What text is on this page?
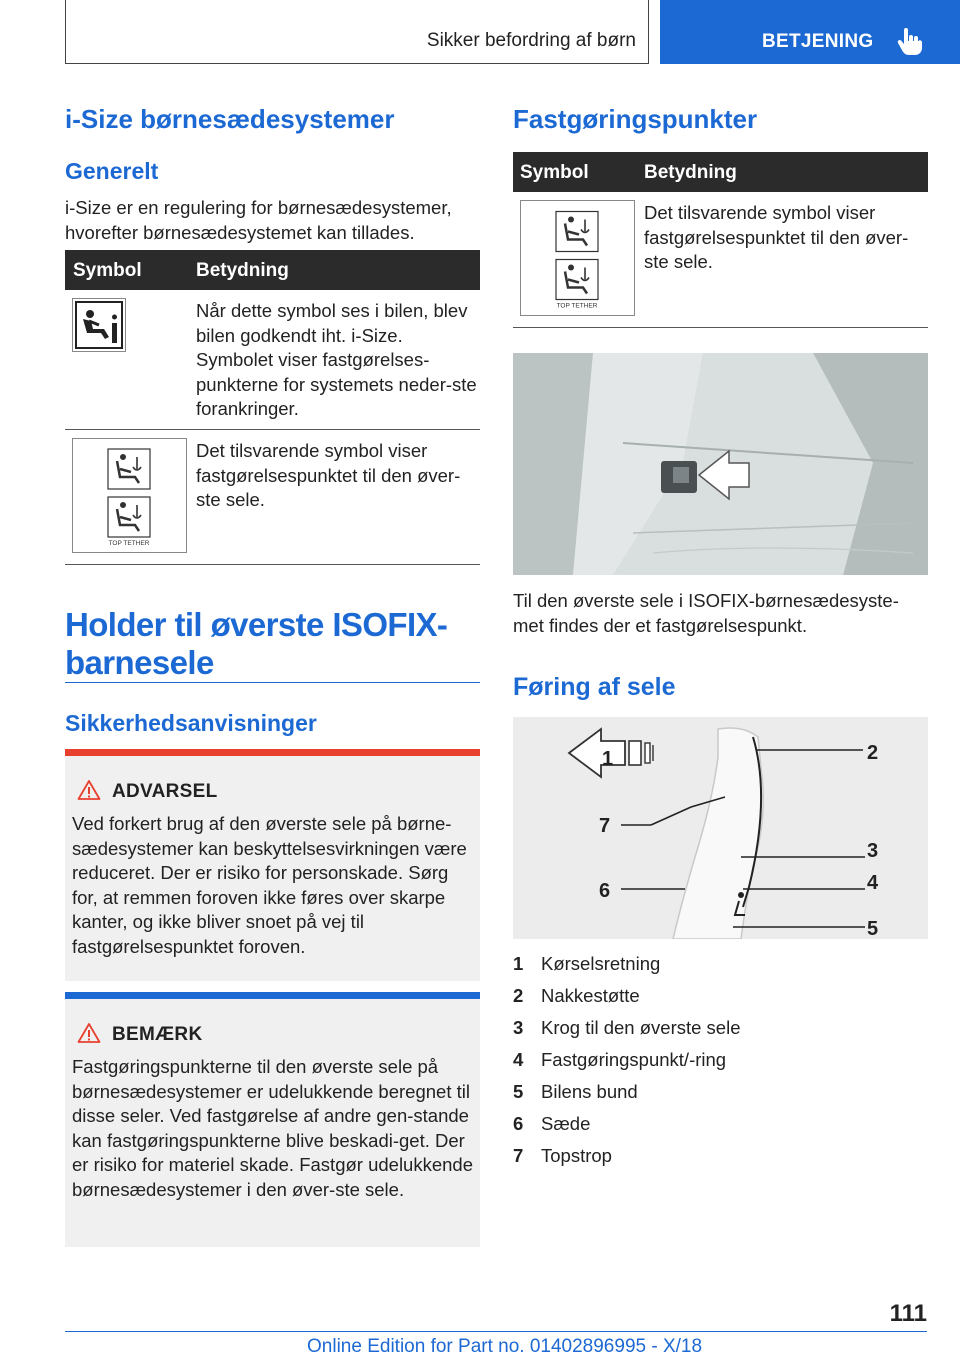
Sikker befordring af børn	BETJENING
i-Size børnesædesystemer
Generelt
i-Size er en regulering for børnesædesystemer, hvorefter børnesædesystemet kan tillades.
Symbol	Betydning
Når dette symbol ses i bilen, blev bilen godkendt iht. i-Size. Symbolet viser fastgørelses-punkterne for systemets neder-ste forankringer.
TOP TETHER
Det tilsvarende symbol viser fastgørelsespunktet til den øver-ste sele.
Holder til øverste ISOFIX-barnesele
Sikkerhedsanvisninger
ADVARSEL
Ved forkert brug af den øverste sele på børne-sædesystemer kan beskyttelsesvirkningen være reduceret. Der er risiko for personskade. Sørg for, at remmen foroven ikke føres over skarpe kanter, og ikke bliver snoet på vej til fastgørelsespunktet foroven.
BEMÆRK
Fastgøringspunkterne til den øverste sele på børnesædesystemer er udelukkende beregnet til disse seler. Ved fastgørelse af andre gen-stande kan fastgøringspunkterne blive beskadi-get. Der er risiko for materiel skade. Fastgør udelukkende børnesædesystemer i den øver-ste sele.
Fastgøringspunkter
Symbol	Betydning
TOP TETHER
Det tilsvarende symbol viser fastgørelsespunktet til den øver-ste sele.
Til den øverste sele i ISOFIX-børnesædesyste-met findes der et fastgørelsespunkt.
Føring af sele
1	2
7
3
4
6
5
1 Kørselsretning
2 Nakkestøtte
3 Krog til den øverste sele
4 Fastgøringspunkt/-ring
5 Bilens bund
6 Sæde
7 Topstrop
111
Online Edition for Part no. 01402896995 - X/18
